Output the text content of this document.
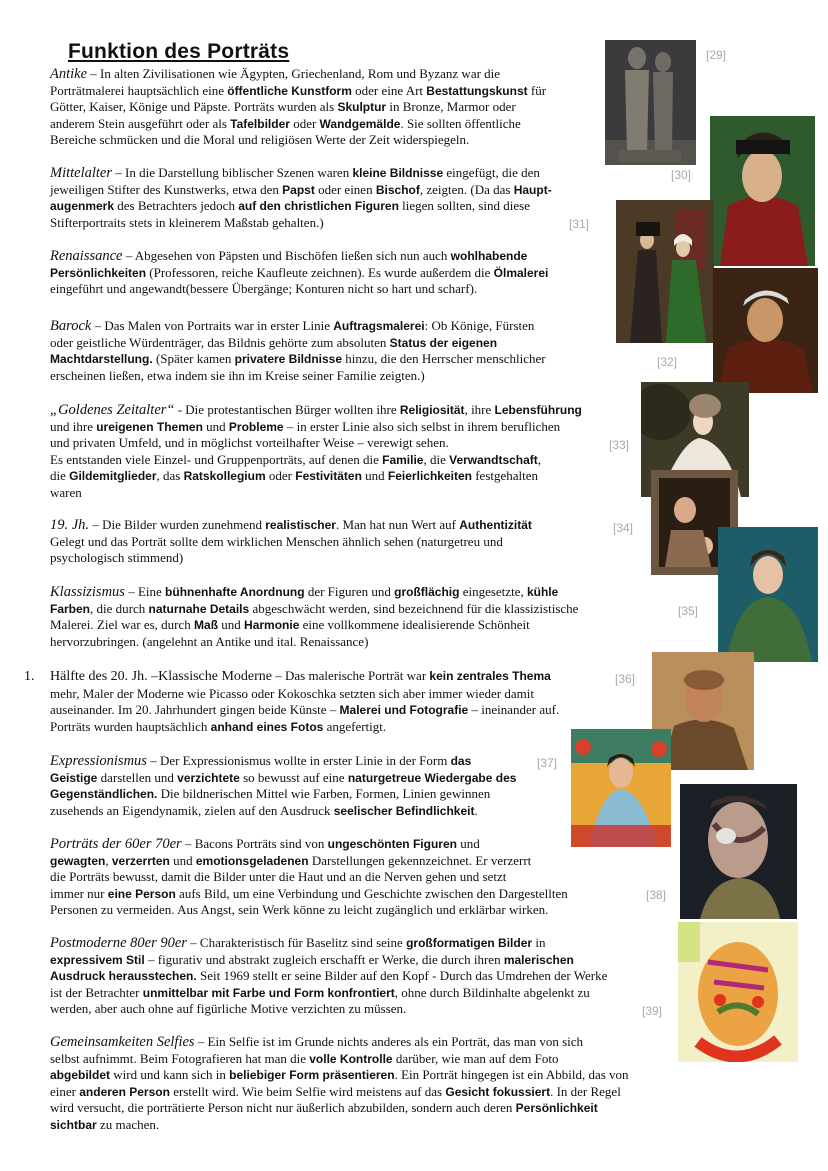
Funktion des Porträts
1.

Antike – In alten Zivilisationen wie Ägypten, Griechenland, Rom und Byzanz war die

Porträtmalerei hauptsächlich eine öffentliche Kunstform oder eine Art Bestattungskunst für

Götter, Kaiser, Könige und Päpste. Porträts wurden als Skulptur in Bronze, Marmor oder

anderem Stein ausgeführt oder als Tafelbilder oder Wandgemälde. Sie sollten öffentliche

Bereiche schmücken und die Moral und religiösen Werte der Zeit widerspiegeln.

Mittelalter – In die Darstellung biblischer Szenen waren kleine Bildnisse eingefügt, die den

jeweiligen Stifter des Kunstwerks, etwa den Papst oder einen Bischof, zeigten. (Da das Haupt-

augenmerk des Betrachters jedoch auf den christlichen Figuren liegen sollten, sind diese

Stifterportraits stets in kleinerem Maßstab gehalten.)

Renaissance – Abgesehen von Päpsten und Bischöfen ließen sich nun auch wohlhabende

Persönlichkeiten (Professoren, reiche Kaufleute zeichnen). Es wurde außerdem die Ölmalerei

eingeführt und angewandt(bessere Übergänge; Konturen nicht so hart und scharf).

Barock – Das Malen von Portraits war in erster Linie Auftragsmalerei: Ob Könige, Fürsten

oder geistliche Würdenträger, das Bildnis gehörte zum absoluten Status der eigenen

Machtdarstellung. (Später kamen privatere Bildnisse hinzu, die den Herrscher menschlicher

erscheinen ließen, etwa indem sie ihn im Kreise seiner Familie zeigten.)

„Goldenes Zeitalter“ - Die protestantischen Bürger wollten ihre Religiosität, ihre Lebensführung

und ihre ureigenen Themen und Probleme – in erster Linie also sich selbst in ihrem beruflichen

und privaten Umfeld, und in möglichst vorteilhafter Weise – verewigt sehen.

Es entstanden viele Einzel- und Gruppenporträts, auf denen die Familie, die Verwandtschaft,

die Gildemitglieder, das Ratskollegium oder Festivitäten und Feierlichkeiten festgehalten

waren

19. Jh. – Die Bilder wurden zunehmend realistischer. Man hat nun Wert auf Authentizität

Gelegt und das Porträt sollte dem wirklichen Menschen ähnlich sehen (naturgetreu und

psychologisch stimmend)

Klassizismus – Eine bühnenhafte Anordnung der Figuren und großflächig eingesetzte, kühle

Farben, die durch naturnahe Details abgeschwächt werden, sind bezeichnend für die klassizistische

Malerei. Ziel war es, durch Maß und Harmonie eine vollkommene idealisierende Schönheit

hervorzubringen. (angelehnt an Antike und ital. Renaissance)

Hälfte des 20. Jh. –Klassische Moderne – Das malerische Porträt war kein zentrales Thema

mehr, Maler der Moderne wie Picasso oder Kokoschka setzten sich aber immer wieder damit

auseinander. Im 20. Jahrhundert gingen beide Künste – Malerei und Fotografie – ineinander auf.

Porträts wurden hauptsächlich anhand eines Fotos angefertigt.

Expressionismus – Der Expressionismus wollte in erster Linie in der Form das

Geistige darstellen und verzichtete so bewusst auf eine naturgetreue Wiedergabe des

Gegenständlichen. Die bildnerischen Mittel wie Farben, Formen, Linien gewinnen

zusehends an Eigendynamik, zielen auf den Ausdruck seelischer Befindlichkeit.

Porträts der 60er 70er – Bacons Porträts sind von ungeschönten Figuren und

gewagten, verzerrten und emotionsgeladenen Darstellungen gekennzeichnet. Er verzerrt

die Porträts bewusst, damit die Bilder unter die Haut und an die Nerven gehen und setzt

immer nur eine Person aufs Bild, um eine Verbindung und Geschichte zwischen den Dargestellten

Personen zu vermeiden. Aus Angst, sein Werk könne zu leicht zugänglich und erklärbar wirken.

Postmoderne 80er 90er – Charakteristisch für Baselitz sind seine großformatigen Bilder in

expressivem Stil – figurativ und abstrakt zugleich erschafft er Werke, die durch ihren malerischen

Ausdruck herausstechen. Seit 1969 stellt er seine Bilder auf den Kopf - Durch das Umdrehen der Werke

ist der Betrachter unmittelbar mit Farbe und Form konfrontiert, ohne durch Bildinhalte abgelenkt zu

werden, aber auch ohne auf figürliche Motive verzichten zu müssen.

Gemeinsamkeiten Selfies – Ein Selfie ist im Grunde nichts anderes als ein Porträt, das man von sich

selbst aufnimmt. Beim Fotografieren hat man die volle Kontrolle darüber, wie man auf dem Foto

abgebildet wird und kann sich in beliebiger Form präsentieren. Ein Porträt hingegen ist ein Abbild, das von

einer anderen Person erstellt wird. Wie beim Selfie wird meistens auf das Gesicht fokussiert. In der Regel

wird versucht, die porträtierte Person nicht nur äußerlich abzubilden, sondern auch deren Persönlichkeit

sichtbar zu machen.

[29]
[30]
[31]
[32]
[33]
[34]
[35]
[36]
[37]
[38]
[39]
